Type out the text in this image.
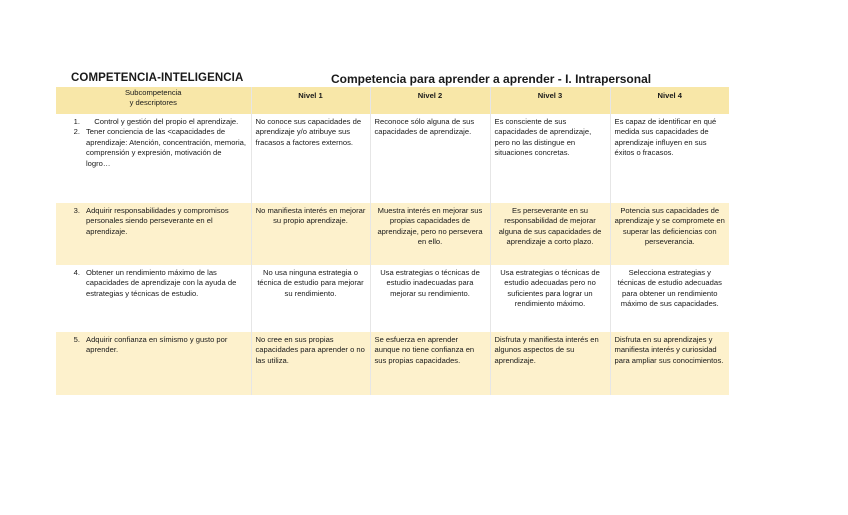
COMPETENCIA-INTELIGENCIA	Competencia para aprender a aprender - I. Intrapersonal
Subcompetencia
y descriptores	Nivel 1	Nivel 2	Nivel 3	Nivel 4

1. Control y gestión del propio el aprendizaje.
2. Tener conciencia de las <capacidades de aprendizaje: Atención, concentración, memoria, comprensión y expresión, motivación de logro…	No conoce sus capacidades de aprendizaje y/o atribuye sus fracasos a factores externos.	Reconoce sólo alguna de sus capacidades de aprendizaje.	Es consciente de sus capacidades de aprendizaje, pero no las distingue en situaciones concretas.	Es capaz de identificar en qué medida sus capacidades de aprendizaje influyen en sus éxitos o fracasos.

3. Adquirir responsabilidades y compromisos personales siendo perseverante en el aprendizaje.	No manifiesta interés en mejorar su propio aprendizaje.	Muestra interés en mejorar sus propias capacidades de aprendizaje, pero no persevera en ello.	Es perseverante en su responsabilidad de mejorar alguna de sus capacidades de aprendizaje a corto plazo.	Potencia sus capacidades de aprendizaje y se compromete en superar las deficiencias con perseverancia.

4. Obtener un rendimiento máximo de las capacidades de aprendizaje con la ayuda de estrategias y técnicas de estudio.	No usa ninguna estrategia o técnica de estudio para mejorar su rendimiento.	Usa estrategias o técnicas de estudio inadecuadas para mejorar su rendimiento.	Usa estrategias o técnicas de estudio adecuadas pero no suficientes para lograr un rendimiento máximo.	Selecciona estrategias y técnicas de estudio adecuadas para obtener un rendimiento máximo de sus capacidades.

5. Adquirir confianza en símismo y gusto por aprender.	No cree en sus propias capacidades para aprender o no las utiliza.	Se esfuerza en aprender aunque no tiene confianza en sus propias capacidades.	Disfruta y manifiesta interés en algunos aspectos de su aprendizaje.	Disfruta en su aprendizajes y manifiesta interés y curiosidad para ampliar sus conocimientos.
